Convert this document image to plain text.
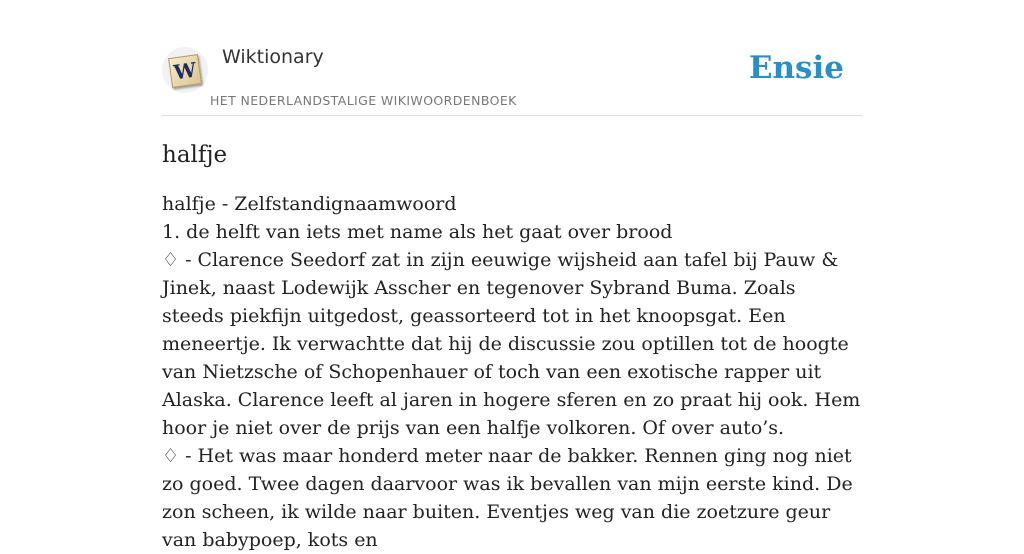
W
Wiktionary
HET NEDERLANDSTALIGE WIKIWOORDENBOEK
Ensie
halfje

halfje - Zelfstandignaamwoord

1. de helft van iets met name als het gaat over brood

♢ - Clarence Seedorf zat in zijn eeuwige wijsheid aan tafel bij Pauw & Jinek, naast Lodewijk Asscher en tegenover Sybrand Buma. Zoals steeds piekfijn uitgedost, geassorteerd tot in het knoopsgat. Een meneertje. Ik verwachtte dat hij de discussie zou optillen tot de hoogte van Nietzsche of Schopenhauer of toch van een exotische rapper uit Alaska. Clarence leeft al jaren in hogere sferen en zo praat hij ook. Hem hoor je niet over de prijs van een halfje volkoren. Of over auto’s.

♢ - Het was maar honderd meter naar de bakker. Rennen ging nog niet zo goed. Twee dagen daarvoor was ik bevallen van mijn eerste kind. De zon scheen, ik wilde naar buiten. Eventjes weg van die zoetzure geur van babypoep, kots en
